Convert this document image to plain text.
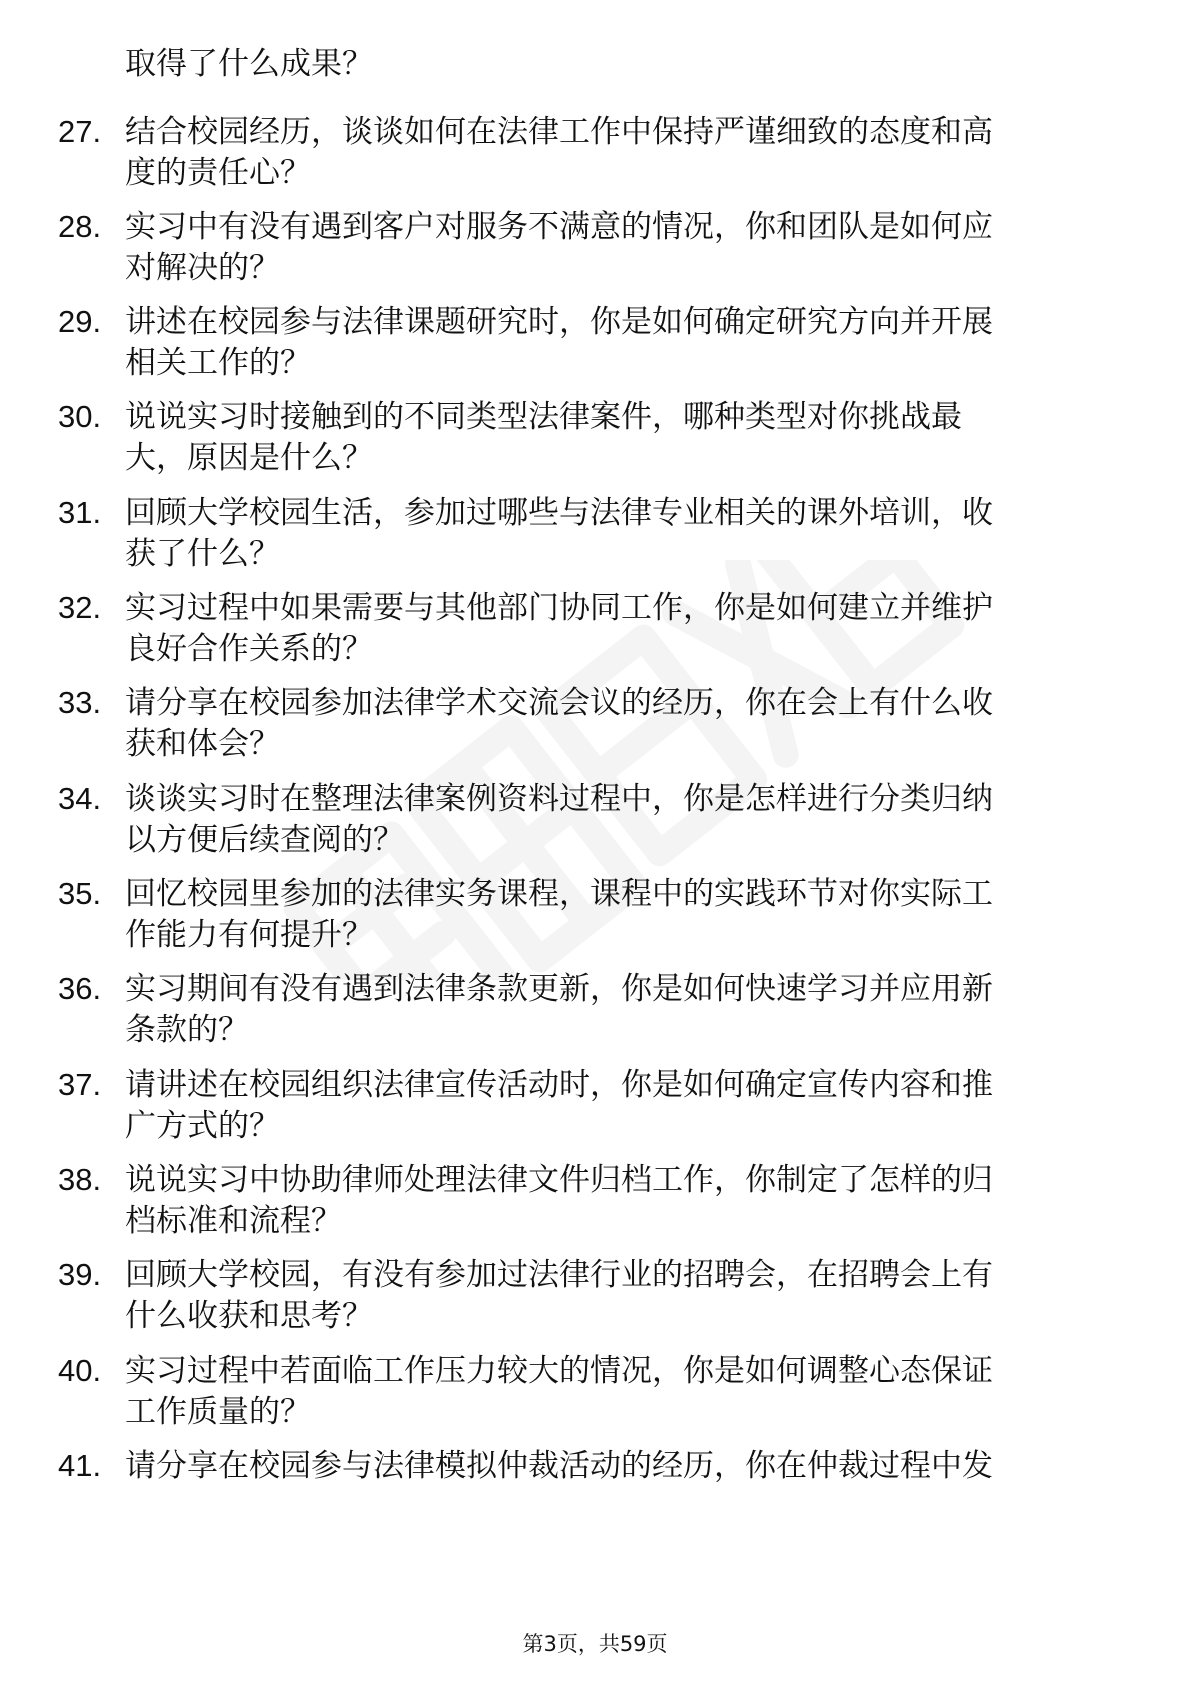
取得了什么成果？
27. 结合校园经历，谈谈如何在法律工作中保持严谨细致的态度和高
度的责任心？
28. 实习中有没有遇到客户对服务不满意的情况，你和团队是如何应
对解决的？
29. 讲述在校园参与法律课题研究时，你是如何确定研究方向并开展
相关工作的？
30. 说说实习时接触到的不同类型法律案件，哪种类型对你挑战最
大，原因是什么？
31. 回顾大学校园生活，参加过哪些与法律专业相关的课外培训，收
获了什么？
32. 实习过程中如果需要与其他部门协同工作，你是如何建立并维护
良好合作关系的？
33. 请分享在校园参加法律学术交流会议的经历，你在会上有什么收
获和体会？
34. 谈谈实习时在整理法律案例资料过程中，你是怎样进行分类归纳
以方便后续查阅的？
35. 回忆校园里参加的法律实务课程，课程中的实践环节对你实际工
作能力有何提升？
36. 实习期间有没有遇到法律条款更新，你是如何快速学习并应用新
条款的？
37. 请讲述在校园组织法律宣传活动时，你是如何确定宣传内容和推
广方式的？
38. 说说实习中协助律师处理法律文件归档工作，你制定了怎样的归
档标准和流程？
39. 回顾大学校园，有没有参加过法律行业的招聘会，在招聘会上有
什么收获和思考？
40. 实习过程中若面临工作压力较大的情况，你是如何调整心态保证
工作质量的？
41. 请分享在校园参与法律模拟仲裁活动的经历，你在仲裁过程中发
第3页，共59页
